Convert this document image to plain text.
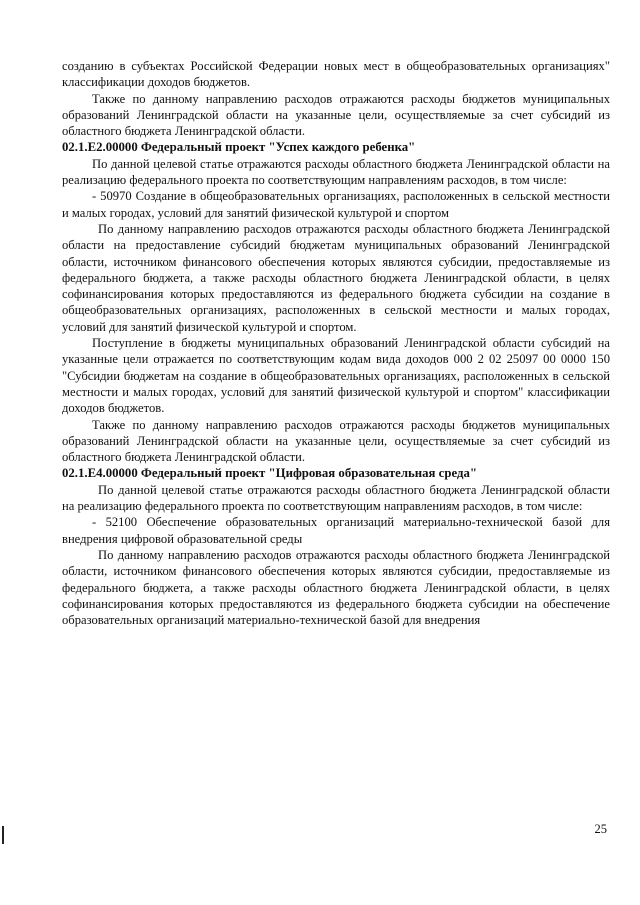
созданию в субъектах Российской Федерации новых мест в общеобразовательных организациях" классификации доходов бюджетов.

Также по данному направлению расходов отражаются расходы бюджетов муниципальных образований Ленинградской области на указанные цели, осуществляемые за счет субсидий из областного бюджета Ленинградской области.

02.1.Е2.00000 Федеральный проект "Успех каждого ребенка"

По данной целевой статье отражаются расходы областного бюджета Ленинградской области на реализацию федерального проекта по соответствующим направлениям расходов, в том числе:

- 50970 Создание в общеобразовательных организациях, расположенных в сельской местности и малых городах, условий для занятий физической культурой и спортом

По данному направлению расходов отражаются расходы областного бюджета Ленинградской области на предоставление субсидий бюджетам муниципальных образований Ленинградской области, источником финансового обеспечения которых являются субсидии, предоставляемые из федерального бюджета, а также расходы областного бюджета Ленинградской области, в целях софинансирования которых предоставляются из федерального бюджета субсидии на создание в общеобразовательных организациях, расположенных в сельской местности и малых городах, условий для занятий физической культурой и спортом.

Поступление в бюджеты муниципальных образований Ленинградской области субсидий на указанные цели отражается по соответствующим кодам вида доходов 000 2 02 25097 00 0000 150 "Субсидии бюджетам на создание в общеобразовательных организациях, расположенных в сельской местности и малых городах, условий для занятий физической культурой и спортом" классификации доходов бюджетов.

Также по данному направлению расходов отражаются расходы бюджетов муниципальных образований Ленинградской области на указанные цели, осуществляемые за счет субсидий из областного бюджета Ленинградской области.

02.1.Е4.00000 Федеральный проект "Цифровая образовательная среда"

По данной целевой статье отражаются расходы областного бюджета Ленинградской области на реализацию федерального проекта по соответствующим направлениям расходов, в том числе:

- 52100 Обеспечение образовательных организаций материально-технической базой для внедрения цифровой образовательной среды

По данному направлению расходов отражаются расходы областного бюджета Ленинградской области, источником финансового обеспечения которых являются субсидии, предоставляемые из федерального бюджета, а также расходы областного бюджета Ленинградской области, в целях софинансирования которых предоставляются из федерального бюджета субсидии на обеспечение образовательных организаций материально-технической базой для внедрения

25
